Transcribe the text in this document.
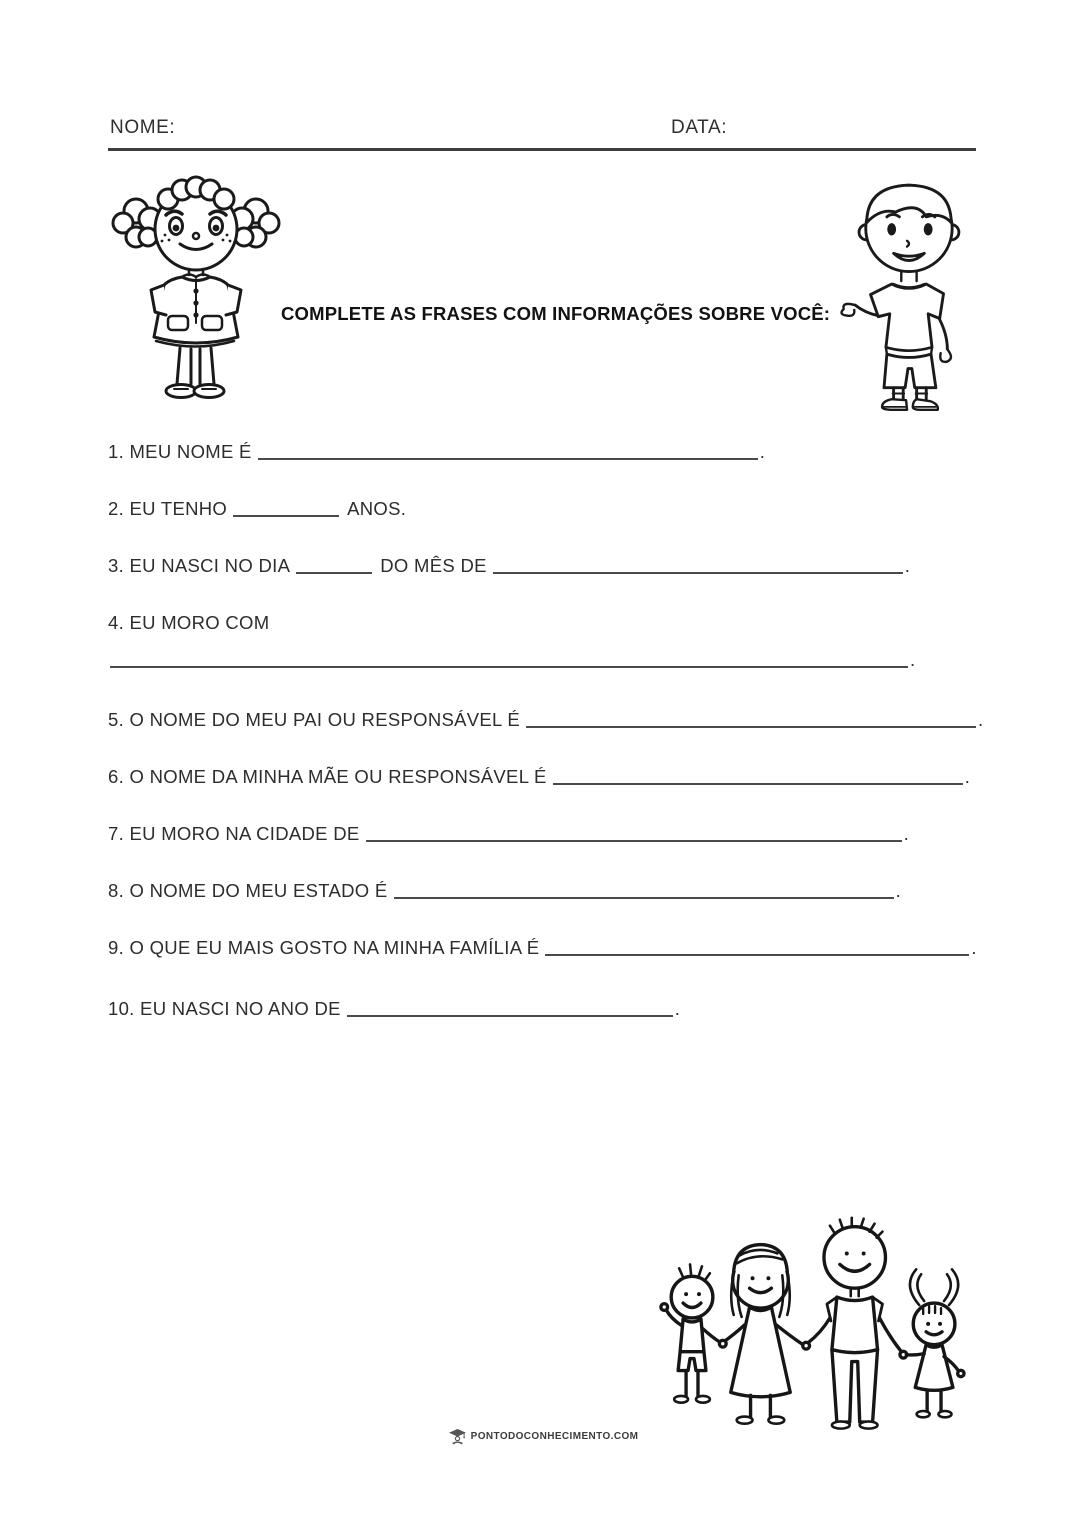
NOME:	DATA:
COMPLETE AS FRASES COM INFORMAÇÕES SOBRE VOCÊ:
1. MEU NOME É	.
2. EU TENHO	ANOS.
3. EU NASCI NO DIA	DO MÊS DE	.
4. EU MORO COM
.
5. O NOME DO MEU PAI OU RESPONSÁVEL É	.
6. O NOME DA MINHA MÃE OU RESPONSÁVEL É	.
7. EU MORO NA CIDADE DE	.
8. O NOME DO MEU ESTADO É	.
9. O QUE EU MAIS GOSTO NA MINHA FAMÍLIA É	.
10. EU NASCI NO ANO DE	.
PONTODOCONHECIMENTO.COM
